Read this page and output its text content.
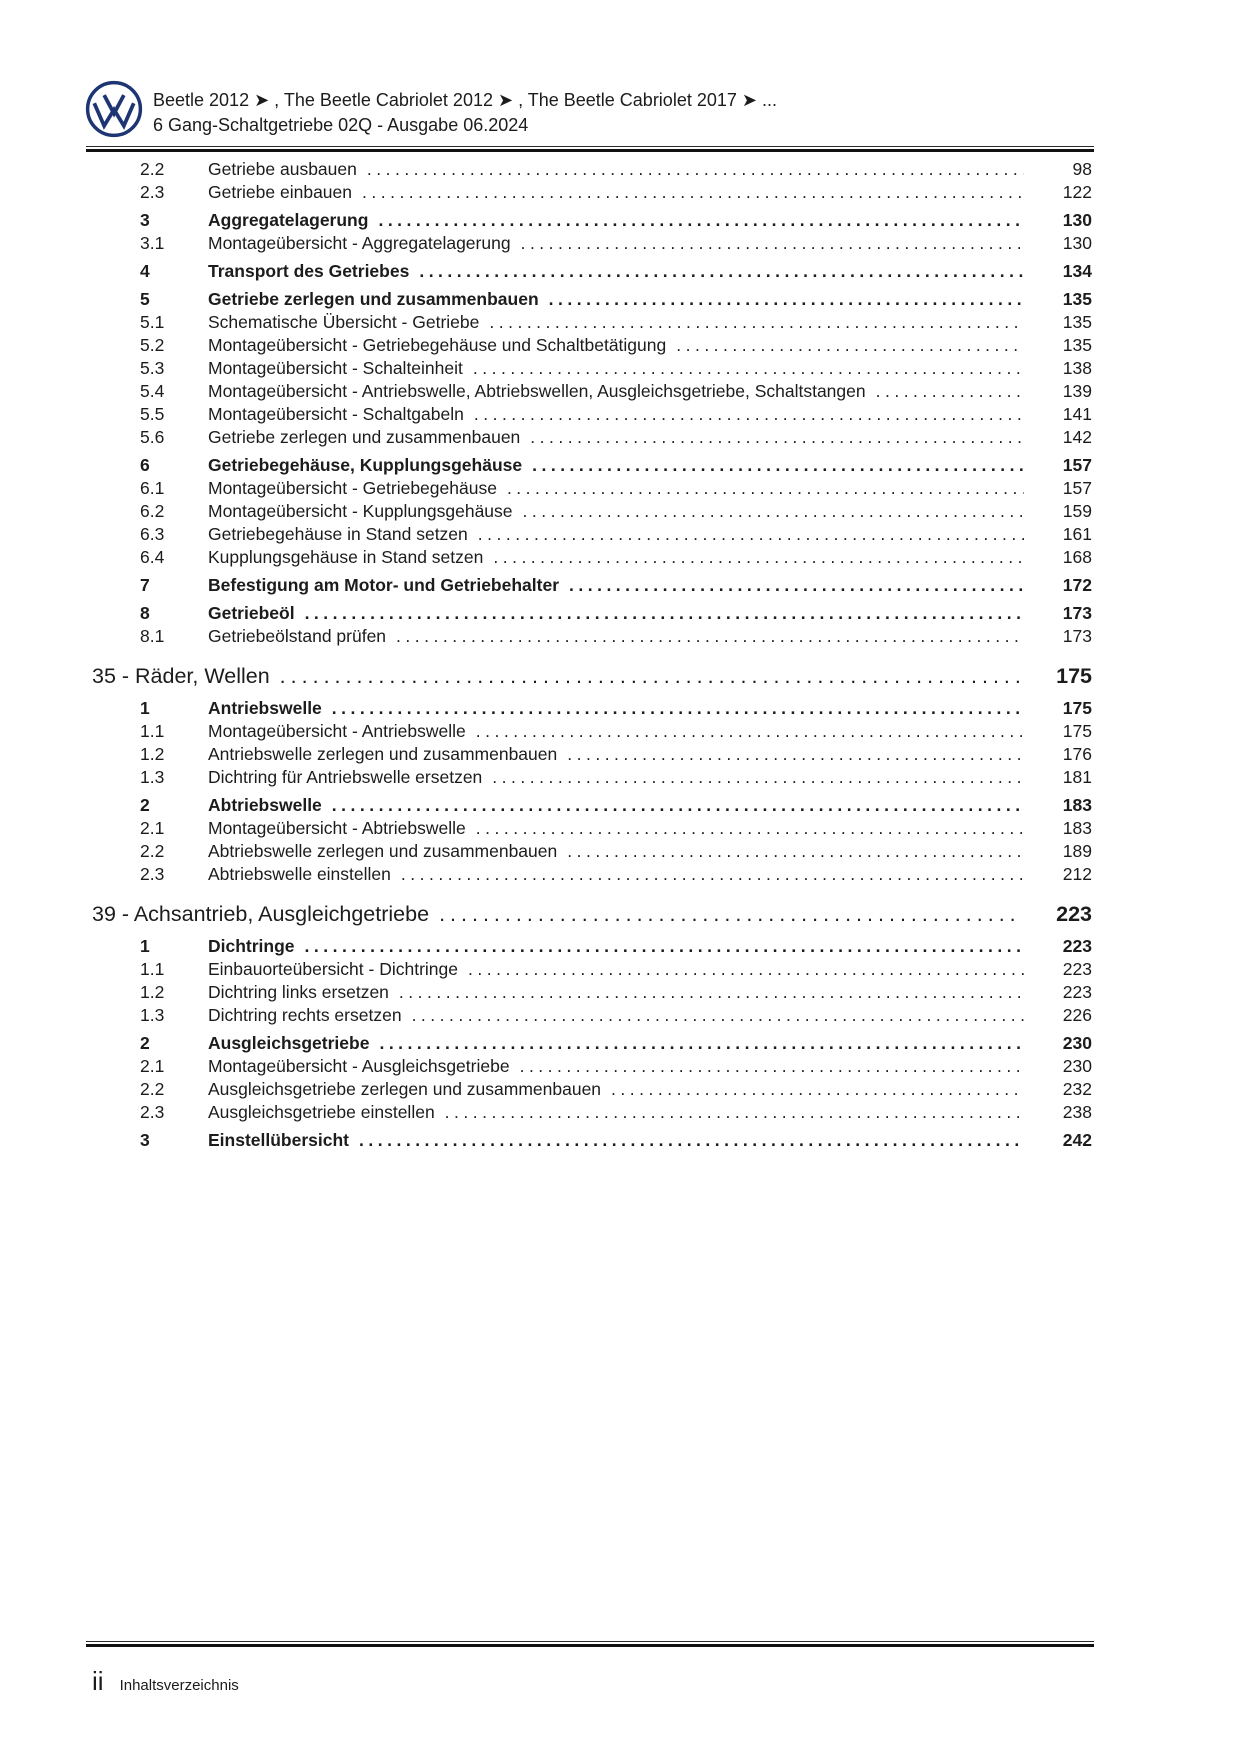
Beetle 2012 ➤ , The Beetle Cabriolet 2012 ➤ , The Beetle Cabriolet 2017 ➤ ...
6 Gang-Schaltgetriebe 02Q - Ausgabe 06.2024
2.2	Getriebe ausbauen .....	98
2.3	Getriebe einbauen .....	122
3	Aggregatelagerung .....	130
3.1	Montageübersicht - Aggregatelagerung .....	130
4	Transport des Getriebes .....	134
5	Getriebe zerlegen und zusammenbauen .....	135
5.1	Schematische Übersicht - Getriebe .....	135
5.2	Montageübersicht - Getriebegehäuse und Schaltbetätigung .....	135
5.3	Montageübersicht - Schalteinheit .....	138
5.4	Montageübersicht - Antriebswelle, Abtriebswellen, Ausgleichsgetriebe, Schaltstangen .....	139
5.5	Montageübersicht - Schaltgabeln .....	141
5.6	Getriebe zerlegen und zusammenbauen .....	142
6	Getriebegehäuse, Kupplungsgehäuse .....	157
6.1	Montageübersicht - Getriebegehäuse .....	157
6.2	Montageübersicht - Kupplungsgehäuse .....	159
6.3	Getriebegehäuse in Stand setzen .....	161
6.4	Kupplungsgehäuse in Stand setzen .....	168
7	Befestigung am Motor- und Getriebehalter .....	172
8	Getriebeöl .....	173
8.1	Getriebeölstand prüfen .....	173
35 - Räder, Wellen .....	175
1	Antriebswelle .....	175
1.1	Montageübersicht - Antriebswelle .....	175
1.2	Antriebswelle zerlegen und zusammenbauen .....	176
1.3	Dichtring für Antriebswelle ersetzen .....	181
2	Abtriebswelle .....	183
2.1	Montageübersicht - Abtriebswelle .....	183
2.2	Abtriebswelle zerlegen und zusammenbauen .....	189
2.3	Abtriebswelle einstellen .....	212
39 - Achsantrieb, Ausgleichgetriebe .....	223
1	Dichtringe .....	223
1.1	Einbauorteübersicht - Dichtringe .....	223
1.2	Dichtring links ersetzen .....	223
1.3	Dichtring rechts ersetzen .....	226
2	Ausgleichsgetriebe .....	230
2.1	Montageübersicht - Ausgleichsgetriebe .....	230
2.2	Ausgleichsgetriebe zerlegen und zusammenbauen .....	232
2.3	Ausgleichsgetriebe einstellen .....	238
3	Einstellübersicht .....	242
ii Inhaltsverzeichnis
